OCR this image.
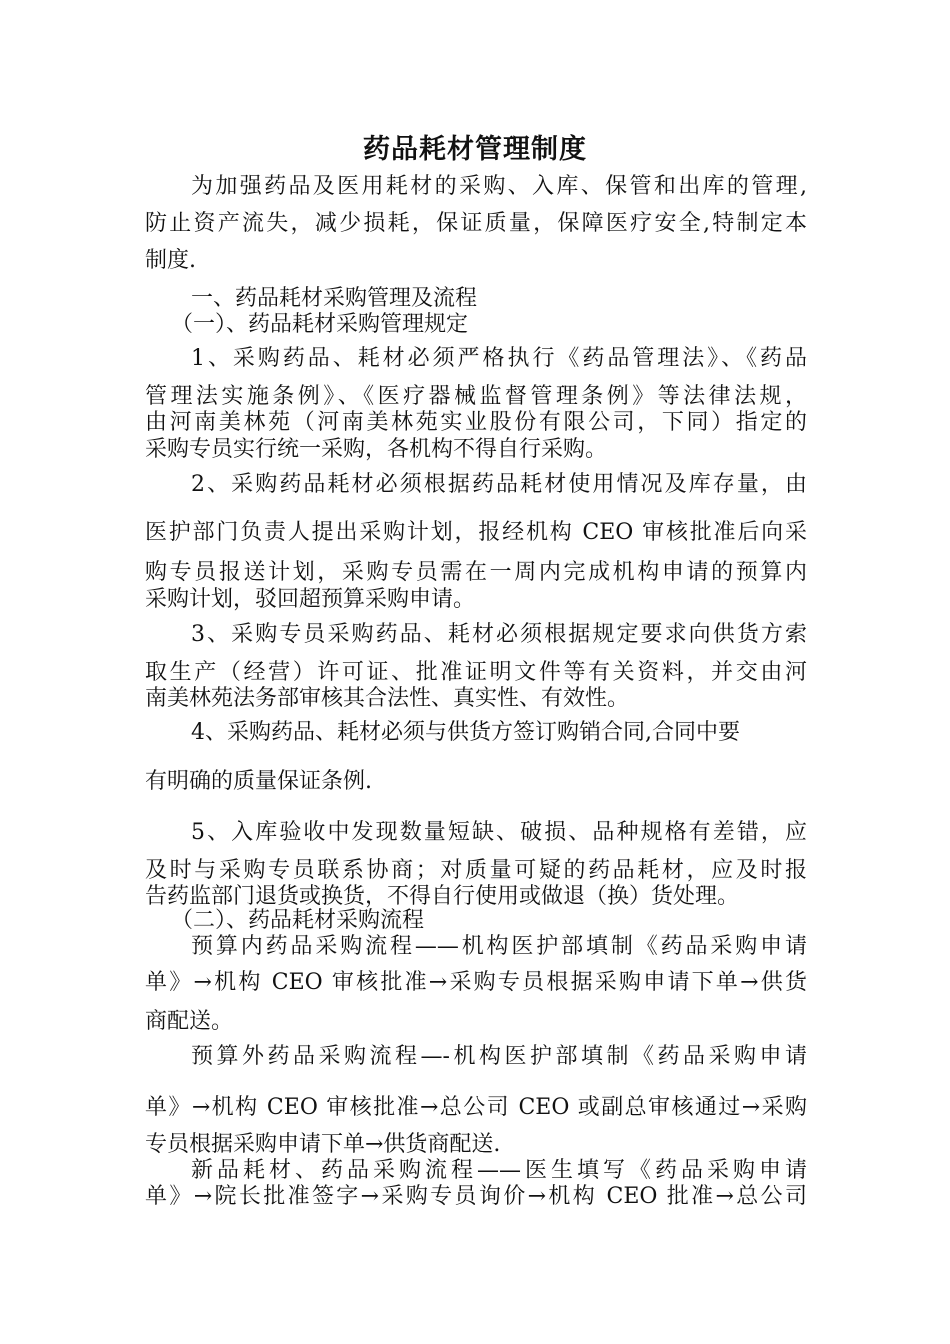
药品耗材管理制度
为加强药品及医用耗材的采购、入库、保管和出库的管理,
防止资产流失，减少损耗，保证质量，保障医疗安全,特制定本
制度.
一、药品耗材采购管理及流程
（一）、药品耗材采购管理规定
1、采购药品、耗材必须严格执行《药品管理法》、《药品
管理法实施条例》、《医疗器械监督管理条例》等法律法规，
由河南美林苑（河南美林苑实业股份有限公司，下同）指定的
采购专员实行统一采购，各机构不得自行采购。
2、采购药品耗材必须根据药品耗材使用情况及库存量，由
医护部门负责人提出采购计划，报经机构 CEO 审核批准后向采
购专员报送计划，采购专员需在一周内完成机构申请的预算内
采购计划，驳回超预算采购申请。
3、采购专员采购药品、耗材必须根据规定要求向供货方索
取生产（经营）许可证、批准证明文件等有关资料，并交由河
南美林苑法务部审核其合法性、真实性、有效性。
4、采购药品、耗材必须与供货方签订购销合同,合同中要
有明确的质量保证条例.
5、入库验收中发现数量短缺、破损、品种规格有差错，应
及时与采购专员联系协商；对质量可疑的药品耗材，应及时报
告药监部门退货或换货，不得自行使用或做退（换）货处理。
（二）、药品耗材采购流程
预算内药品采购流程——机构医护部填制《药品采购申请
单》→机构 CEO 审核批准→采购专员根据采购申请下单→供货
商配送。
预算外药品采购流程—-机构医护部填制《药品采购申请
单》→机构 CEO 审核批准→总公司 CEO 或副总审核通过→采购
专员根据采购申请下单→供货商配送.
新品耗材、药品采购流程——医生填写《药品采购申请
单》→院长批准签字→采购专员询价→机构 CEO 批准→总公司
